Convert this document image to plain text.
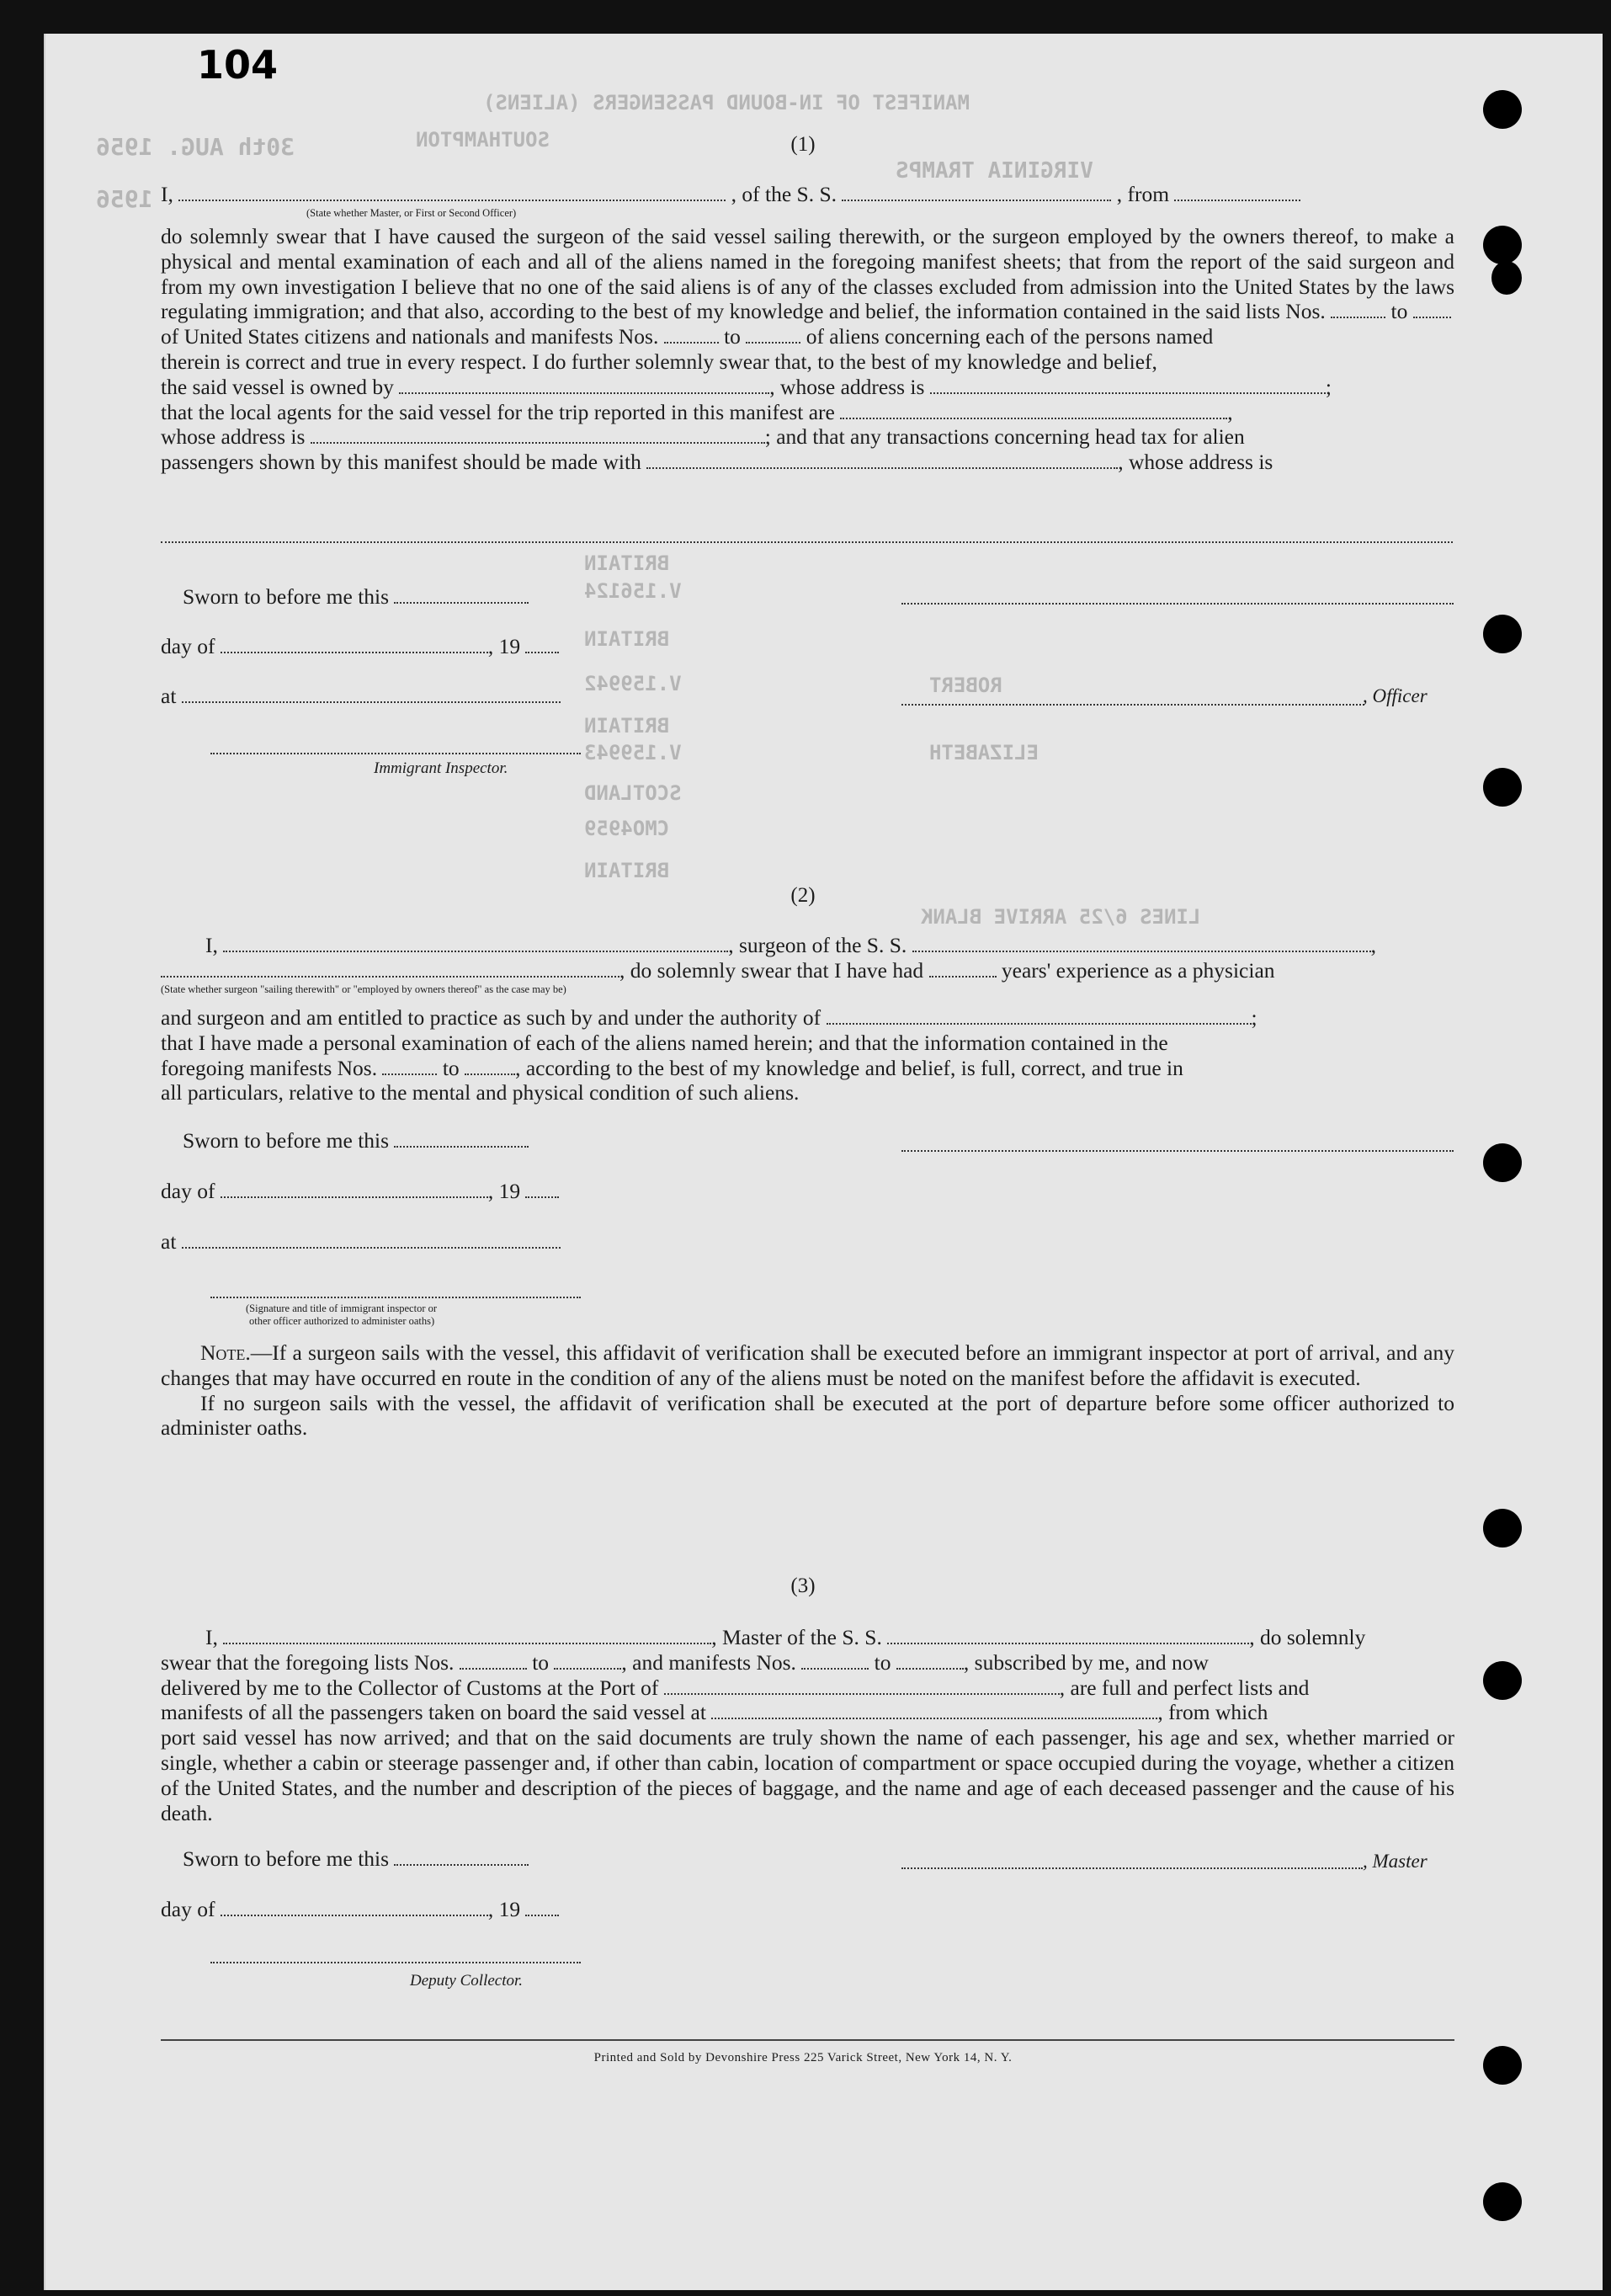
MANIFEST OF IN-BOUND PASSENGERS (ALIENS)
SOUTHAMPTON
30th AUG. 1956
1956
VIRGINIA TRAMPS
BRITAIN
V.156124
BRITAIN
V.159942	ROBERT
BRITAIN
V.159943	ELIZABETH
SCOTLAND
CMO4959
BRITAIN
LINES 6/25 ARRIVE BLANK
104
(1)
I,	, of the S. S.	, from
(State whether Master, or First or Second Officer)

do solemnly swear that I have caused the surgeon of the said vessel sailing therewith, or the surgeon employed by the owners thereof, to make a physical and mental examination of each and all of the aliens named in the foregoing manifest sheets; that from the report of the said surgeon and from my own investigation I believe that no one of the said aliens is of any of the classes excluded from admission into the United States by the laws regulating immigration; and that also, according to the best of my knowledge and belief, the information contained in the said lists Nos.	to

of United States citizens and nationals and manifests Nos.	to	of aliens concerning each of the persons named

therein is correct and true in every respect. I do further solemnly swear that, to the best of my knowledge and belief,

the said vessel is owned by	, whose address is	;

that the local agents for the said vessel for the trip reported in this manifest are	,

whose address is	; and that any transactions concerning head tax for alien

passengers shown by this manifest should be made with	, whose address is

Sworn to before me this
day of	, 19
at	, Officer
Immigrant Inspector.
(2)
I,	, surgeon of the S. S.	,
, do solemnly swear that I have had	years' experience as a physician
(State whether surgeon "sailing therewith" or "employed by owners thereof" as the case may be)

and surgeon and am entitled to practice as such by and under the authority of	;

that I have made a personal examination of each of the aliens named herein; and that the information contained in the

foregoing manifests Nos.	to	, according to the best of my knowledge and belief, is full, correct, and true in

all particulars, relative to the mental and physical condition of such aliens.

Sworn to before me this
day of	, 19
at
(Signature and title of immigrant inspector or
other officer authorized to administer oaths)

Note.—If a surgeon sails with the vessel, this affidavit of verification shall be executed before an immigrant inspector at port of arrival, and any changes that may have occurred en route in the condition of any of the aliens must be noted on the manifest before the affidavit is executed.

If no surgeon sails with the vessel, the affidavit of verification shall be executed at the port of departure before some officer authorized to administer oaths.

(3)

I,	, Master of the S. S.	, do solemnly

swear that the foregoing lists Nos.	to	, and manifests Nos.	to	, subscribed by me, and now

delivered by me to the Collector of Customs at the Port of	, are full and perfect lists and

manifests of all the passengers taken on board the said vessel at	, from which

port said vessel has now arrived; and that on the said documents are truly shown the name of each passenger, his age and sex, whether married or single, whether a cabin or steerage passenger and, if other than cabin, location of compartment or space occupied during the voyage, whether a citizen of the United States, and the number and description of the pieces of baggage, and the name and age of each deceased passenger and the cause of his death.

Sworn to before me this	, Master
day of	, 19
Deputy Collector.
Printed and Sold by Devonshire Press 225 Varick Street, New York 14, N. Y.
